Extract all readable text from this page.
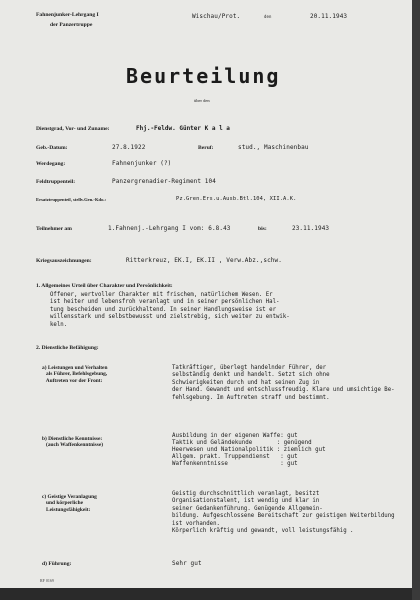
Fahnenjunker-Lehrgang I
der Panzertruppe
Wischau/Prot.	den	20.11.1943
Beurteilung
über den
Dienstgrad, Vor- und Zuname:	Fhj.-Feldw. Günter K a l a
Geb.-Datum:	27.8.1922	Beruf:	stud., Maschinenbau
Werdegang:	Fahnenjunker (?)
Feldtruppenteil:	Panzergrenadier-Regiment 104
Ersatztruppenteil, stellv.Gen.-Kdo.:	Pz.Gren.Ers.u.Ausb.Btl.104, XII.A.K.
Teilnehmer am	1.Fahnenj.-Lehrgang I vom: 6.8.43	bis:	23.11.1943
Kriegsauszeichnungen:	Ritterkreuz, EK.I, EK.II , Verw.Abz.,schw.
1. Allgemeines Urteil über Charakter und Persönlichkeit:
Offener, wertvoller Charakter mit frischem, natürlichem Wesen. Er
ist heiter und lebensfroh veranlagt und in seiner persönlichen Hal-
tung bescheiden und zurückhaltend. In seiner Handlungsweise ist er
willensstark und selbstbewusst und zielstrebig, sich weiter zu entwik-
keln.
2. Dienstliche Befähigung:
a) Leistungen und Verhalten
als Führer, Befehlsgebung,
Auftreten vor der Front:
Tatkräftiger, überlegt handelnder Führer, der
selbständig denkt und handelt. Setzt sich ohne
Schwierigkeiten durch und hat seinen Zug in
der Hand. Gewandt und entschlussfreudig. Klare und umsichtige Be-
fehlsgebung. Im Auftreten straff und bestimmt.
b) Dienstliche Kenntnisse:
(auch Waffenkenntnisse)
Ausbildung in der eigenen Waffe: gut
Taktik und Geländekunde       : genügend
Heerwesen und Nationalpolitik : ziemlich gut
Allgem. prakt. Truppendienst   : gut
Waffenkenntnisse               : gut
c) Geistige Veranlagung
und körperliche
Leistungsfähigkeit:
Geistig durchschnittlich veranlagt, besitzt
Organisationstalent, ist wendig und klar in
seiner Gedankenführung. Genügende Allgemein-
bildung. Aufgeschlossene Bereitschaft zur geistigen Weiterbildung
ist vorhanden.
Körperlich kräftig und gewandt, voll leistungsfähig .
d) Führung:	Sehr gut
RF 0169
